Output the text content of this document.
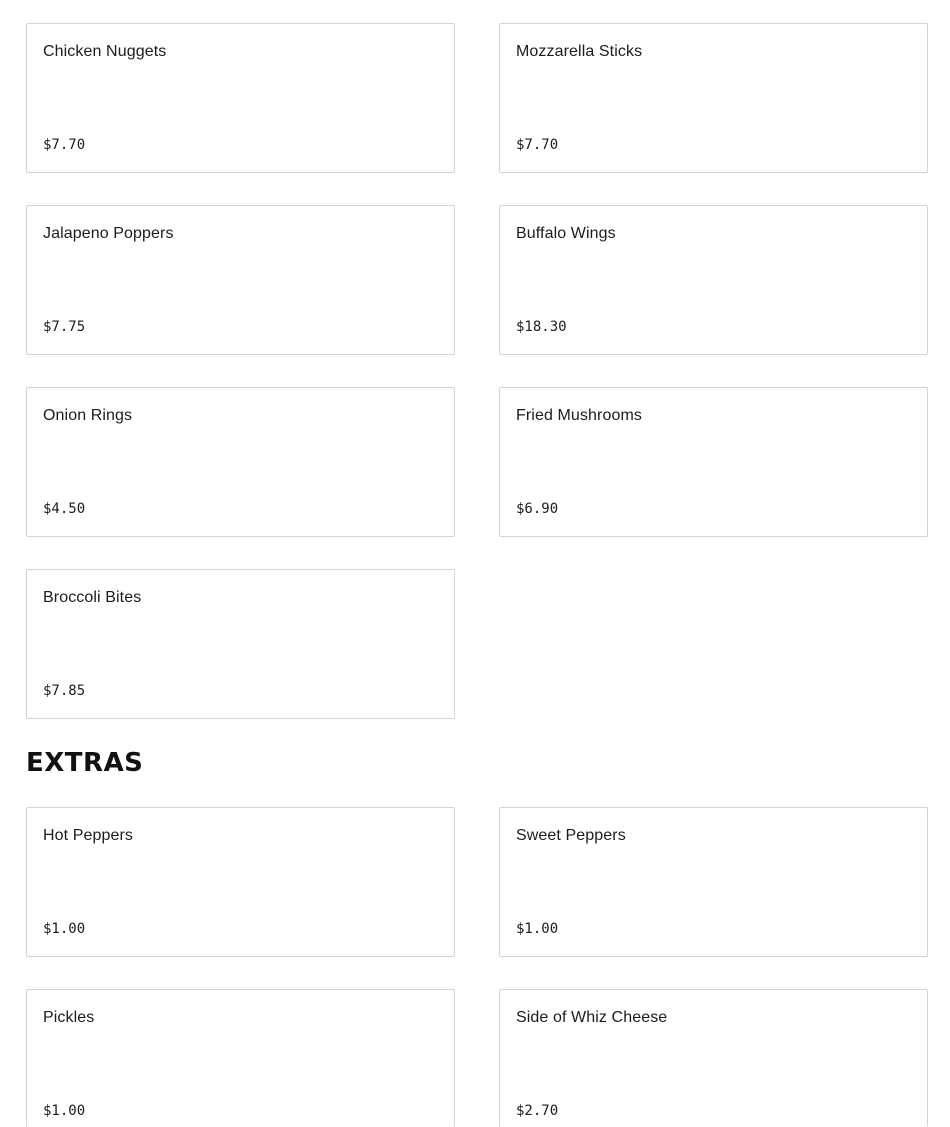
Chicken Nuggets
$7.70
Mozzarella Sticks
$7.70
Jalapeno Poppers
$7.75
Buffalo Wings
$18.30
Onion Rings
$4.50
Fried Mushrooms
$6.90
Broccoli Bites
$7.85
EXTRAS
Hot Peppers
$1.00
Sweet Peppers
$1.00
Pickles
$1.00
Side of Whiz Cheese
$2.70
